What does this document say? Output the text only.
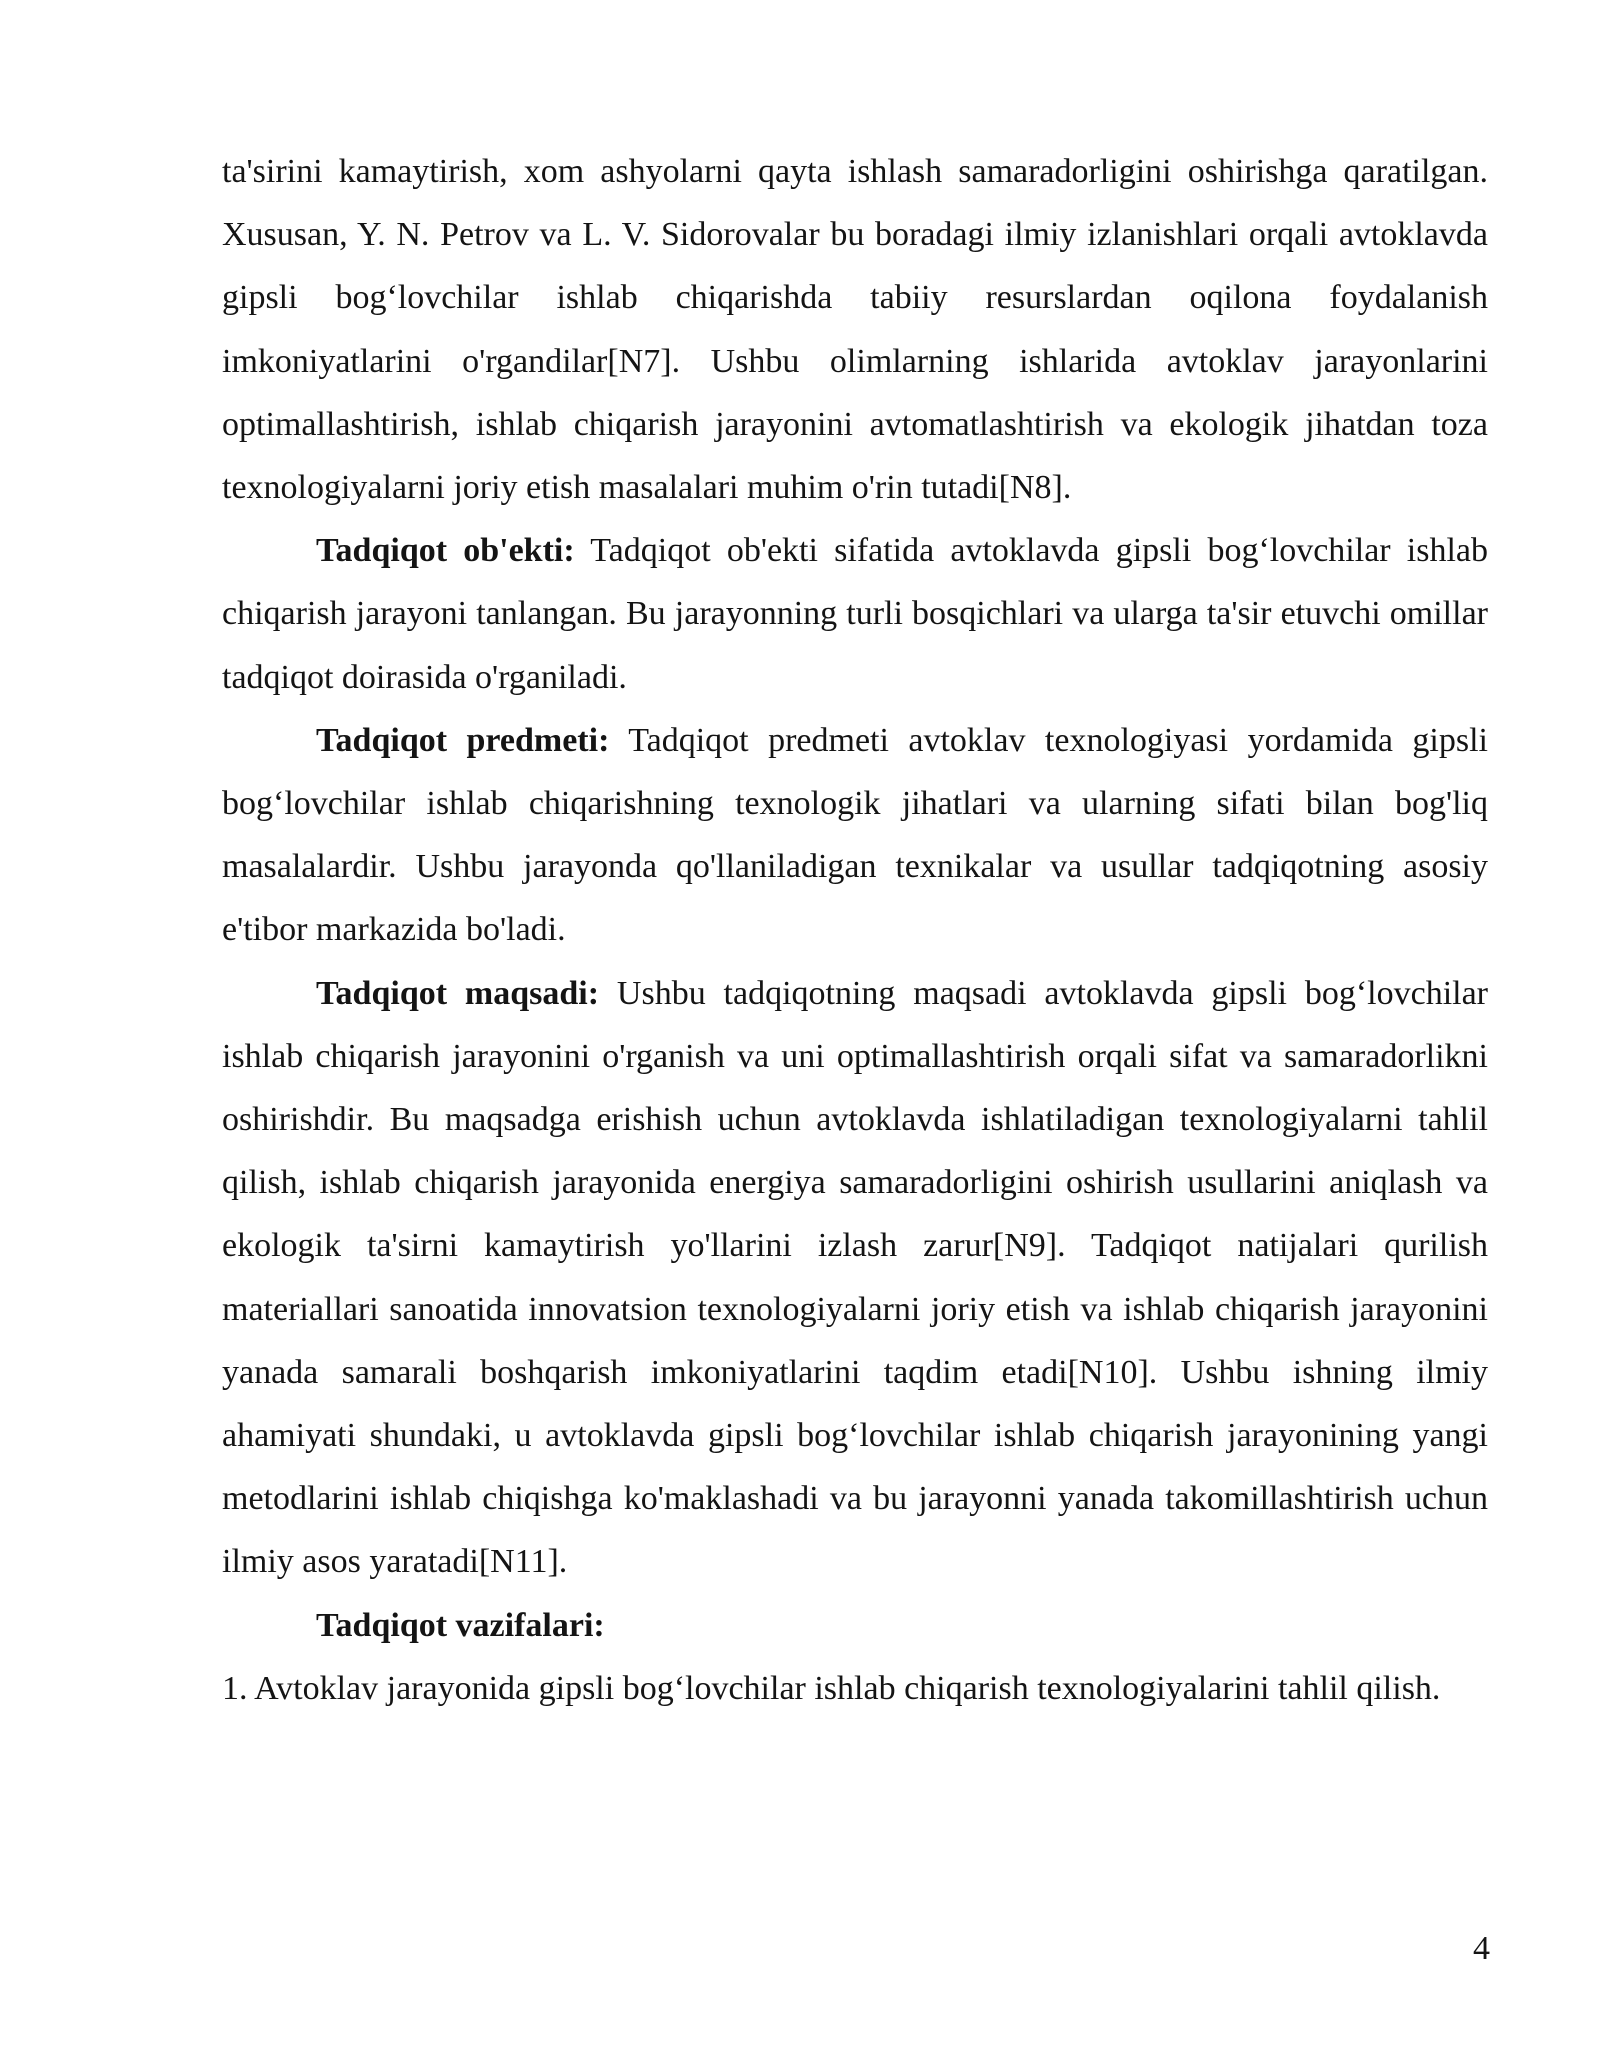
ta'sirini kamaytirish, xom ashyolarni qayta ishlash samaradorligini oshirishga qaratilgan. Xususan, Y. N. Petrov va L. V. Sidorovalar bu boradagi ilmiy izlanishlari orqali avtoklavda gipsli bog‘lovchilar ishlab chiqarishda tabiiy resurslardan oqilona foydalanish imkoniyatlarini o'rgandilar[N7]. Ushbu olimlarning ishlarida avtoklav jarayonlarini optimallashtirish, ishlab chiqarish jarayonini avtomatlashtirish va ekologik jihatdan toza texnologiyalarni joriy etish masalalari muhim o'rin tutadi[N8].

Tadqiqot ob'ekti: Tadqiqot ob'ekti sifatida avtoklavda gipsli bog‘lovchilar ishlab chiqarish jarayoni tanlangan. Bu jarayonning turli bosqichlari va ularga ta'sir etuvchi omillar tadqiqot doirasida o'rganiladi.

Tadqiqot predmeti: Tadqiqot predmeti avtoklav texnologiyasi yordamida gipsli bog‘lovchilar ishlab chiqarishning texnologik jihatlari va ularning sifati bilan bog'liq masalalardir. Ushbu jarayonda qo'llaniladigan texnikalar va usullar tadqiqotning asosiy e'tibor markazida bo'ladi.

Tadqiqot maqsadi: Ushbu tadqiqotning maqsadi avtoklavda gipsli bog‘lovchilar ishlab chiqarish jarayonini o'rganish va uni optimallashtirish orqali sifat va samaradorlikni oshirishdir. Bu maqsadga erishish uchun avtoklavda ishlatiladigan texnologiyalarni tahlil qilish, ishlab chiqarish jarayonida energiya samaradorligini oshirish usullarini aniqlash va ekologik ta'sirni kamaytirish yo'llarini izlash zarur[N9]. Tadqiqot natijalari qurilish materiallari sanoatida innovatsion texnologiyalarni joriy etish va ishlab chiqarish jarayonini yanada samarali boshqarish imkoniyatlarini taqdim etadi[N10]. Ushbu ishning ilmiy ahamiyati shundaki, u avtoklavda gipsli bog‘lovchilar ishlab chiqarish jarayonining yangi metodlarini ishlab chiqishga ko'maklashadi va bu jarayonni yanada takomillashtirish uchun ilmiy asos yaratadi[N11].

Tadqiqot vazifalari:

1. Avtoklav jarayonida gipsli bog‘lovchilar ishlab chiqarish texnologiyalarini tahlil qilish.

4
